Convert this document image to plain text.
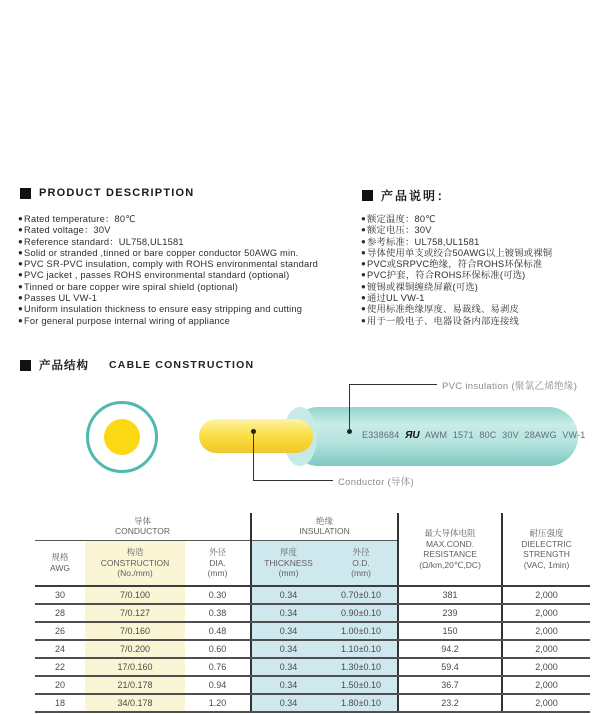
PRODUCT DESCRIPTION
● Rated temperature：80℃
● Rated voltage：30V
● Reference standard：UL758,UL1581
● Solid or stranded ,tinned or bare copper conductor 50AWG min.
● PVC SR-PVC insulation, comply with ROHS environmental standard
● PVC jacket , passes ROHS environmental standard (optional)
● Tinned or bare copper wire spiral shield (optional)
● Passes UL VW-1
● Uniform insulation thickness to ensure easy stripping and cutting
● For general purpose internal wiring of appliance
产品说明：
● 额定温度：80℃
● 额定电压：30V
● 参考标准：UL758,UL1581
● 导体使用单支或绞合50AWG以上镀锡或裸铜
● PVC或SRPVC绝缘，符合ROHS环保标准
● PVC护套，符合ROHS环保标准(可选)
● 镀锡或裸铜缠绕屏蔽(可选)
● 通过UL VW-1
● 使用标准绝缘厚度、易裁线、易剥皮
● 用于一般电子、电器设备内部连接线
产品结构 CABLE CONSTRUCTION
E338684 ЯU AWM 1571 80C 30V 28AWG VW-1
PVC insulation (聚氯乙烯绝缘)
Conductor (导体)
导体
CONDUCTOR			绝缘
INSULATION		最大导体电阻
MAX.COND.
RESISTANCE
(Ω/km,20℃,DC)	耐压强度
DIELECTRIC
STRENGTH
(VAC, 1min)

规格
AWG	构造
CONSTRUCTION
(No./mm)	外径
DIA.
(mm)	厚度
THICKNESS
(mm)	外径
O.D.
(mm)		

30	7/0.100	0.30	0.34	0.70±0.10	381	2,000
28	7/0.127	0.38	0.34	0.90±0.10	239	2,000
26	7/0.160	0.48	0.34	1.00±0.10	150	2,000
24	7/0.200	0.60	0.34	1.10±0.10	94.2	2,000
22	17/0.160	0.76	0.34	1.30±0.10	59.4	2,000
20	21/0.178	0.94	0.34	1.50±0.10	36.7	2,000
18	34/0.178	1.20	0.34	1.80±0.10	23.2	2,000
